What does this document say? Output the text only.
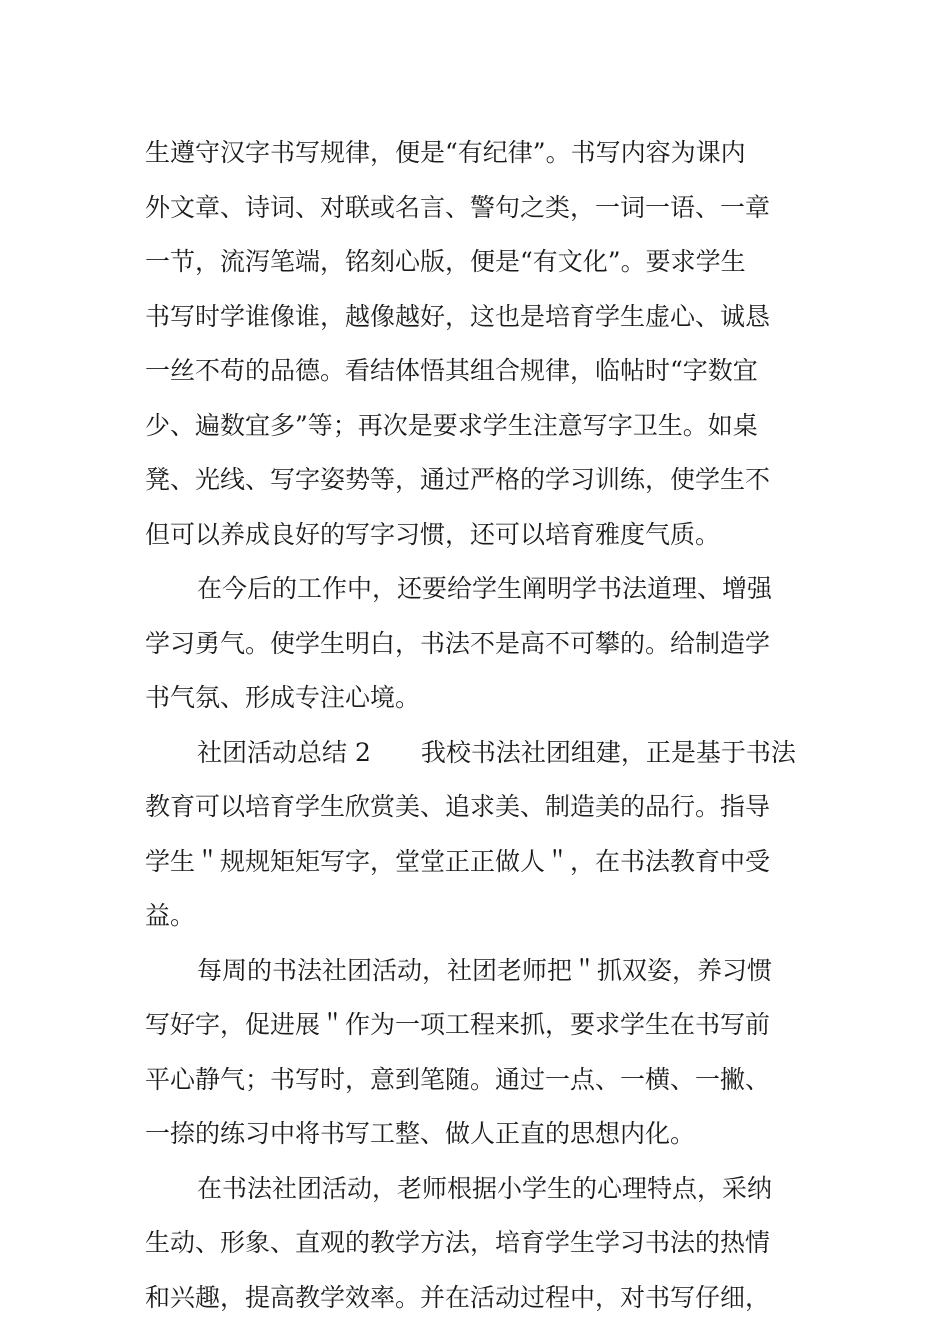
生遵守汉字书写规律，便是“有纪律”。书写内容为课内
外文章、诗词、对联或名言、警句之类，一词一语、一章
一节，流泻笔端，铭刻心版，便是“有文化”。要求学生
书写时学谁像谁，越像越好，这也是培育学生虚心、诚恳
一丝不苟的品德。看结体悟其组合规律，临帖时“字数宜
少、遍数宜多”等；再次是要求学生注意写字卫生。如桌
凳、光线、写字姿势等，通过严格的学习训练，使学生不
但可以养成良好的写字习惯，还可以培育雅度气质。
在今后的工作中，还要给学生阐明学书法道理、增强
学习勇气。使学生明白，书法不是高不可攀的。给制造学
书气氛、形成专注心境。
社团活动总结 2　　我校书法社团组建，正是基于书法
教育可以培育学生欣赏美、追求美、制造美的品行。指导
学生＂规规矩矩写字，堂堂正正做人＂，在书法教育中受
益。
每周的书法社团活动，社团老师把＂抓双姿，养习惯
写好字，促进展＂作为一项工程来抓，要求学生在书写前
平心静气；书写时，意到笔随。通过一点、一横、一撇、
一捺的练习中将书写工整、做人正直的思想内化。
在书法社团活动，老师根据小学生的心理特点，采纳
生动、形象、直观的教学方法，培育学生学习书法的热情
和兴趣，提高教学效率。并在活动过程中，对书写仔细，
